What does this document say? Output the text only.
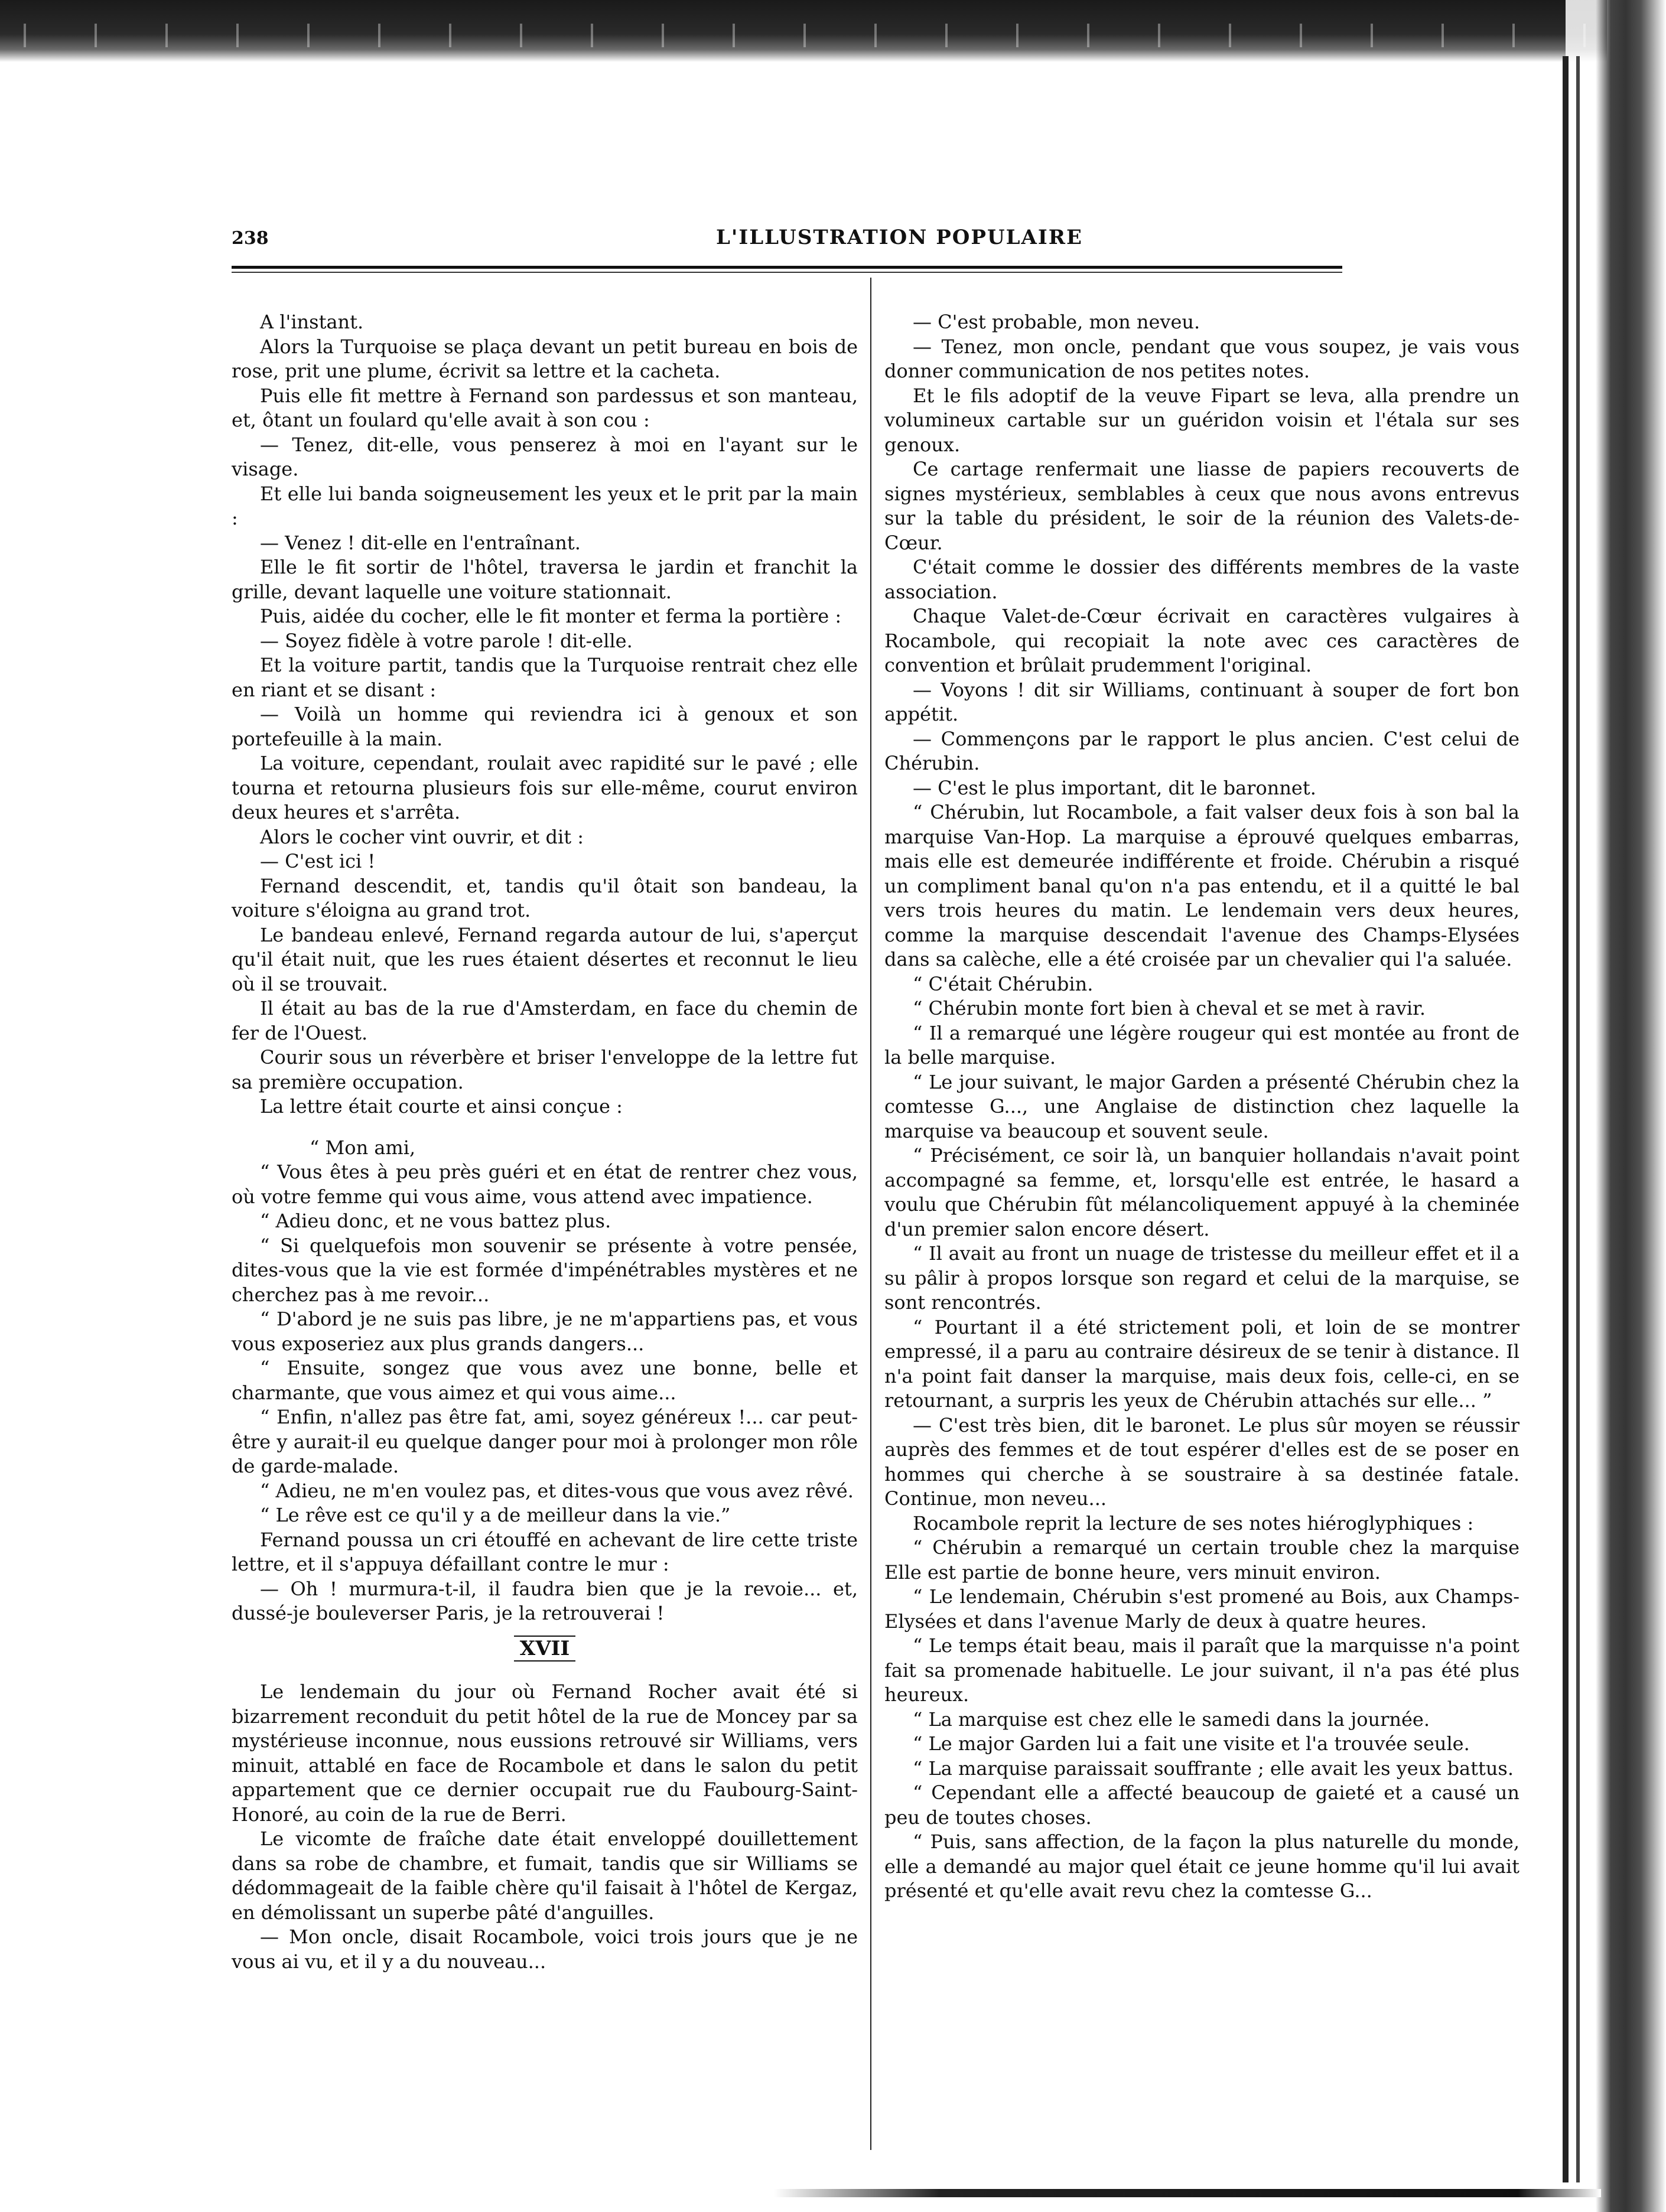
238	L'ILLUSTRATION POPULAIRE

A l'instant.

Alors la Turquoise se plaça devant un petit bureau en bois de rose, prit une plume, écrivit sa lettre et la cacheta.

Puis elle fit mettre à Fernand son pardessus et son manteau, et, ôtant un foulard qu'elle avait à son cou :

— Tenez, dit-elle, vous penserez à moi en l'ayant sur le visage.

Et elle lui banda soigneusement les yeux et le prit par la main :

— Venez ! dit-elle en l'entraînant.

Elle le fit sortir de l'hôtel, traversa le jardin et franchit la grille, devant laquelle une voiture stationnait.

Puis, aidée du cocher, elle le fit monter et ferma la portière :

— Soyez fidèle à votre parole ! dit-elle.

Et la voiture partit, tandis que la Turquoise rentrait chez elle en riant et se disant :

— Voilà un homme qui reviendra ici à genoux et son portefeuille à la main.

La voiture, cependant, roulait avec rapidité sur le pavé ; elle tourna et retourna plusieurs fois sur elle-même, courut environ deux heures et s'arrêta.

Alors le cocher vint ouvrir, et dit :

— C'est ici !

Fernand descendit, et, tandis qu'il ôtait son bandeau, la voiture s'éloigna au grand trot.

Le bandeau enlevé, Fernand regarda autour de lui, s'aperçut qu'il était nuit, que les rues étaient désertes et reconnut le lieu où il se trouvait.

Il était au bas de la rue d'Amsterdam, en face du chemin de fer de l'Ouest.

Courir sous un réverbère et briser l'enveloppe de la lettre fut sa première occupation.

La lettre était courte et ainsi conçue :

“ Mon ami,

“ Vous êtes à peu près guéri et en état de rentrer chez vous, où votre femme qui vous aime, vous attend avec impatience.

“ Adieu donc, et ne vous battez plus.

“ Si quelquefois mon souvenir se présente à votre pensée, dites-vous que la vie est formée d'impénétrables mystères et ne cherchez pas à me revoir...

“ D'abord je ne suis pas libre, je ne m'appartiens pas, et vous vous exposeriez aux plus grands dangers...

“ Ensuite, songez que vous avez une bonne, belle et charmante, que vous aimez et qui vous aime...

“ Enfin, n'allez pas être fat, ami, soyez généreux !... car peut-être y aurait-il eu quelque danger pour moi à prolonger mon rôle de garde-malade.

“ Adieu, ne m'en voulez pas, et dites-vous que vous avez rêvé.

“ Le rêve est ce qu'il y a de meilleur dans la vie.”

Fernand poussa un cri étouffé en achevant de lire cette triste lettre, et il s'appuya défaillant contre le mur :

— Oh ! murmura-t-il, il faudra bien que je la revoie... et, dussé-je bouleverser Paris, je la retrouverai !

XVII

Le lendemain du jour où Fernand Rocher avait été si bizarrement reconduit du petit hôtel de la rue de Moncey par sa mystérieuse inconnue, nous eussions retrouvé sir Williams, vers minuit, attablé en face de Rocambole et dans le salon du petit appartement que ce dernier occupait rue du Faubourg-Saint-Honoré, au coin de la rue de Berri.

Le vicomte de fraîche date était enveloppé douillettement dans sa robe de chambre, et fumait, tandis que sir Williams se dédommageait de la faible chère qu'il faisait à l'hôtel de Kergaz, en démolissant un superbe pâté d'anguilles.

— Mon oncle, disait Rocambole, voici trois jours que je ne vous ai vu, et il y a du nouveau...

— C'est probable, mon neveu.

— Tenez, mon oncle, pendant que vous soupez, je vais vous donner communication de nos petites notes.

Et le fils adoptif de la veuve Fipart se leva, alla prendre un volumineux cartable sur un guéridon voisin et l'étala sur ses genoux.

Ce cartage renfermait une liasse de papiers recouverts de signes mystérieux, semblables à ceux que nous avons entrevus sur la table du président, le soir de la réunion des Valets-de-Cœur.

C'était comme le dossier des différents membres de la vaste association.

Chaque Valet-de-Cœur écrivait en caractères vulgaires à Rocambole, qui recopiait la note avec ces caractères de convention et brûlait prudemment l'original.

— Voyons ! dit sir Williams, continuant à souper de fort bon appétit.

— Commençons par le rapport le plus ancien. C'est celui de Chérubin.

— C'est le plus important, dit le baronnet.

“ Chérubin, lut Rocambole, a fait valser deux fois à son bal la marquise Van-Hop. La marquise a éprouvé quelques embarras, mais elle est demeurée indifférente et froide. Chérubin a risqué un compliment banal qu'on n'a pas entendu, et il a quitté le bal vers trois heures du matin. Le lendemain vers deux heures, comme la marquise descendait l'avenue des Champs-Elysées dans sa calèche, elle a été croisée par un chevalier qui l'a saluée.

“ C'était Chérubin.

“ Chérubin monte fort bien à cheval et se met à ravir.

“ Il a remarqué une légère rougeur qui est montée au front de la belle marquise.

“ Le jour suivant, le major Garden a présenté Chérubin chez la comtesse G..., une Anglaise de distinction chez laquelle la marquise va beaucoup et souvent seule.

“ Précisément, ce soir là, un banquier hollandais n'avait point accompagné sa femme, et, lorsqu'elle est entrée, le hasard a voulu que Chérubin fût mélancoliquement appuyé à la cheminée d'un premier salon encore désert.

“ Il avait au front un nuage de tristesse du meilleur effet et il a su pâlir à propos lorsque son regard et celui de la marquise, se sont rencontrés.

“ Pourtant il a été strictement poli, et loin de se montrer empressé, il a paru au contraire désireux de se tenir à distance. Il n'a point fait danser la marquise, mais deux fois, celle-ci, en se retournant, a surpris les yeux de Chérubin attachés sur elle... ”

— C'est très bien, dit le baronet. Le plus sûr moyen se réussir auprès des femmes et de tout espérer d'elles est de se poser en hommes qui cherche à se soustraire à sa destinée fatale. Continue, mon neveu...

Rocambole reprit la lecture de ses notes hiéroglyphiques :

“ Chérubin a remarqué un certain trouble chez la marquise Elle est partie de bonne heure, vers minuit environ.

“ Le lendemain, Chérubin s'est promené au Bois, aux Champs-Elysées et dans l'avenue Marly de deux à quatre heures.

“ Le temps était beau, mais il paraît que la marquisse n'a point fait sa promenade habituelle. Le jour suivant, il n'a pas été plus heureux.

“ La marquise est chez elle le samedi dans la journée.

“ Le major Garden lui a fait une visite et l'a trouvée seule.

“ La marquise paraissait souffrante ; elle avait les yeux battus.

“ Cependant elle a affecté beaucoup de gaieté et a causé un peu de toutes choses.

“ Puis, sans affection, de la façon la plus naturelle du monde, elle a demandé au major quel était ce jeune homme qu'il lui avait présenté et qu'elle avait revu chez la comtesse G...
